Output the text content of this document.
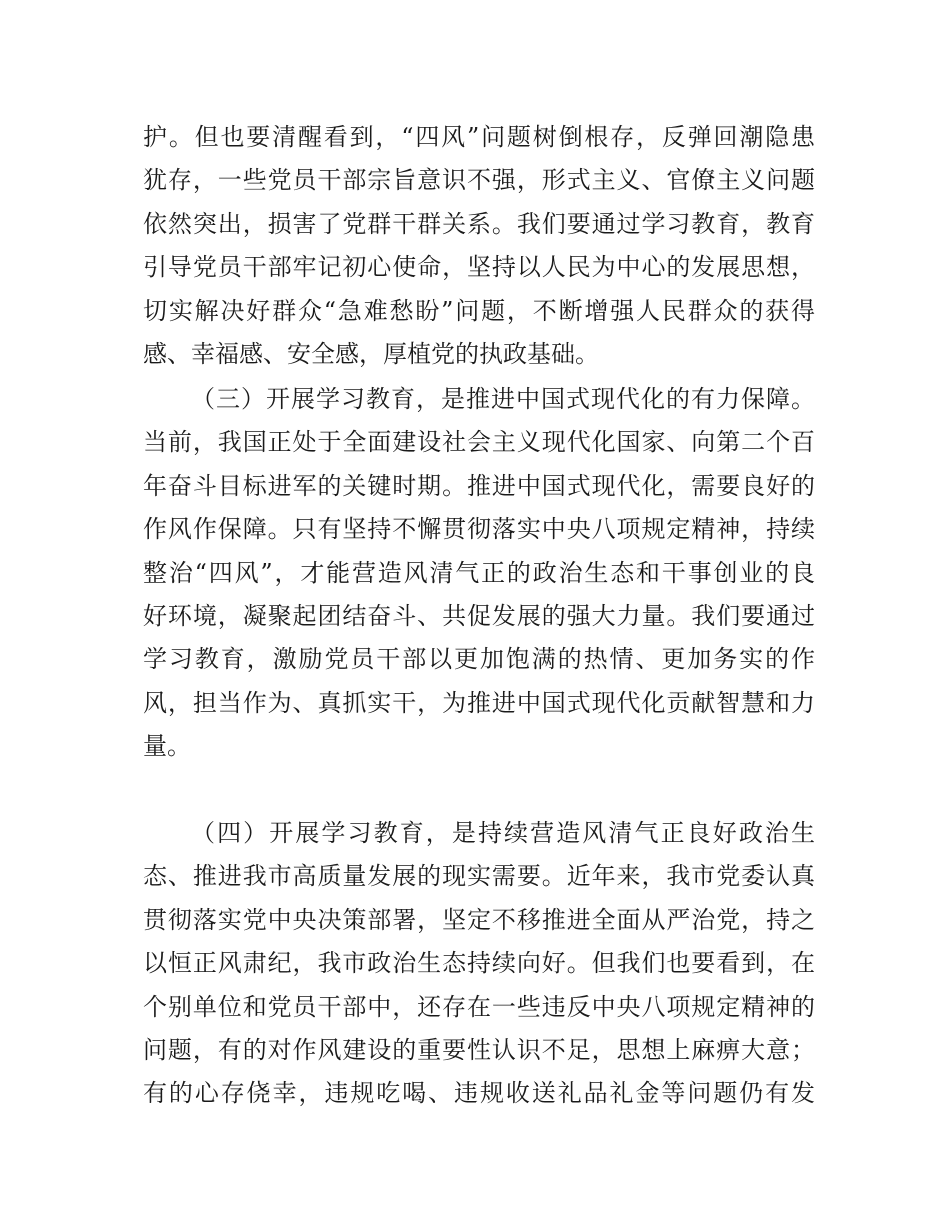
护。但也要清醒看到，“四风”问题树倒根存，反弹回潮隐患
犹存，一些党员干部宗旨意识不强，形式主义、官僚主义问题
依然突出，损害了党群干群关系。我们要通过学习教育，教育
引导党员干部牢记初心使命，坚持以人民为中心的发展思想，
切实解决好群众“急难愁盼”问题，不断增强人民群众的获得
感、幸福感、安全感，厚植党的执政基础。
（三）开展学习教育，是推进中国式现代化的有力保障。
当前，我国正处于全面建设社会主义现代化国家、向第二个百
年奋斗目标进军的关键时期。推进中国式现代化，需要良好的
作风作保障。只有坚持不懈贯彻落实中央八项规定精神，持续
整治“四风”，才能营造风清气正的政治生态和干事创业的良
好环境，凝聚起团结奋斗、共促发展的强大力量。我们要通过
学习教育，激励党员干部以更加饱满的热情、更加务实的作
风，担当作为、真抓实干，为推进中国式现代化贡献智慧和力
量。
（四）开展学习教育，是持续营造风清气正良好政治生
态、推进我市高质量发展的现实需要。近年来，我市党委认真
贯彻落实党中央决策部署，坚定不移推进全面从严治党，持之
以恒正风肃纪，我市政治生态持续向好。但我们也要看到，在
个别单位和党员干部中，还存在一些违反中央八项规定精神的
问题，有的对作风建设的重要性认识不足，思想上麻痹大意；
有的心存侥幸，违规吃喝、违规收送礼品礼金等问题仍有发
